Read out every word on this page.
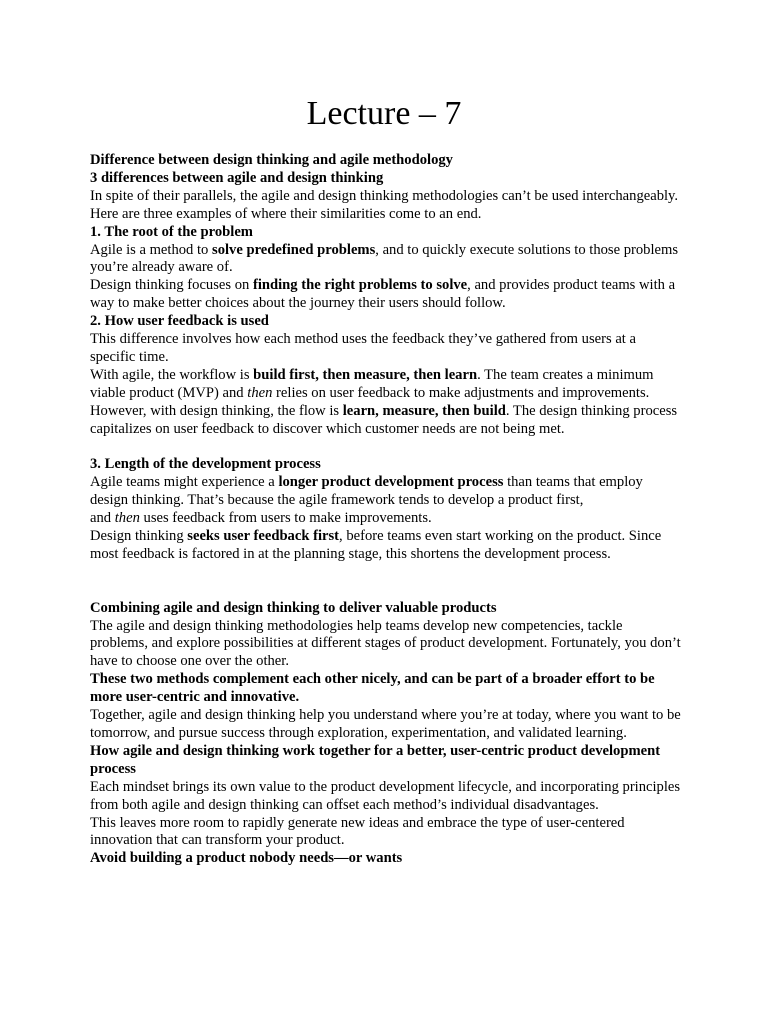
Lecture – 7

Difference between design thinking and agile methodology

3 differences between agile and design thinking

In spite of their parallels, the agile and design thinking methodologies can’t be used interchangeably. Here are three examples of where their similarities come to an end.

1. The root of the problem

Agile is a method to solve predefined problems, and to quickly execute solutions to those problems you’re already aware of.

Design thinking focuses on finding the right problems to solve, and provides product teams with a way to make better choices about the journey their users should follow.

2. How user feedback is used

This difference involves how each method uses the feedback they’ve gathered from users at a specific time.

With agile, the workflow is build first, then measure, then learn. The team creates a minimum viable product (MVP) and then relies on user feedback to make adjustments and improvements.

However, with design thinking, the flow is learn, measure, then build. The design thinking process capitalizes on user feedback to discover which customer needs are not being met.

3. Length of the development process

Agile teams might experience a longer product development process than teams that employ design thinking. That’s because the agile framework tends to develop a product first,

and then uses feedback from users to make improvements.

Design thinking seeks user feedback first, before teams even start working on the product. Since most feedback is factored in at the planning stage, this shortens the development process.

Combining agile and design thinking to deliver valuable products

The agile and design thinking methodologies help teams develop new competencies, tackle problems, and explore possibilities at different stages of product development. Fortunately, you don’t have to choose one over the other.

These two methods complement each other nicely, and can be part of a broader effort to be more user-centric and innovative.

Together, agile and design thinking help you understand where you’re at today, where you want to be tomorrow, and pursue success through exploration, experimentation, and validated learning.

How agile and design thinking work together for a better, user-centric product development process

Each mindset brings its own value to the product development lifecycle, and incorporating principles from both agile and design thinking can offset each method’s individual disadvantages.

This leaves more room to rapidly generate new ideas and embrace the type of user-centered innovation that can transform your product.

Avoid building a product nobody needs—or wants
